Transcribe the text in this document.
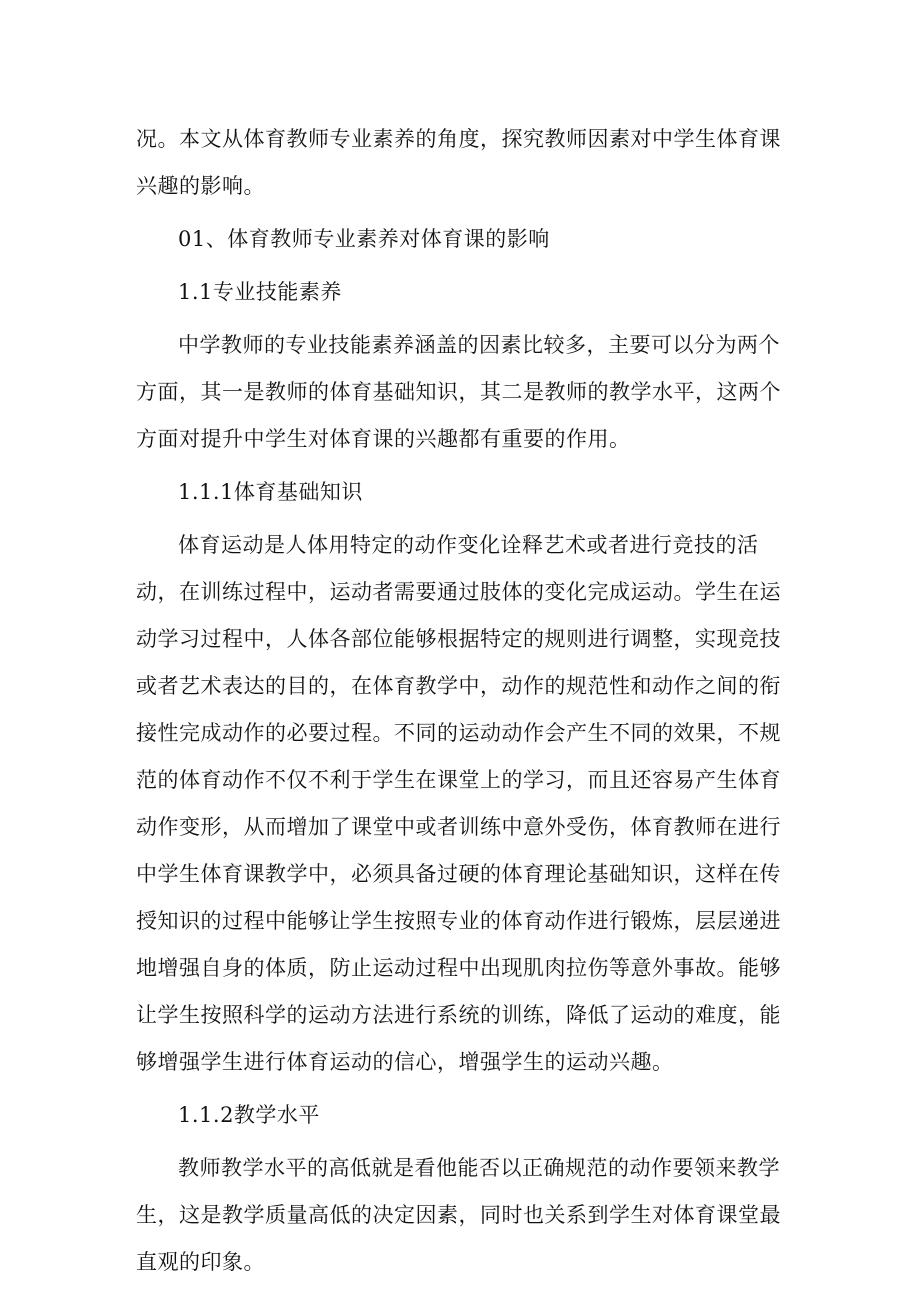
况。本文从体育教师专业素养的角度，探究教师因素对中学生体育课兴趣的影响。

01、体育教师专业素养对体育课的影响

1.1专业技能素养

中学教师的专业技能素养涵盖的因素比较多，主要可以分为两个方面，其一是教师的体育基础知识，其二是教师的教学水平，这两个方面对提升中学生对体育课的兴趣都有重要的作用。

1.1.1体育基础知识

体育运动是人体用特定的动作变化诠释艺术或者进行竞技的活动，在训练过程中，运动者需要通过肢体的变化完成运动。学生在运动学习过程中，人体各部位能够根据特定的规则进行调整，实现竞技或者艺术表达的目的，在体育教学中，动作的规范性和动作之间的衔接性完成动作的必要过程。不同的运动动作会产生不同的效果，不规范的体育动作不仅不利于学生在课堂上的学习，而且还容易产生体育动作变形，从而增加了课堂中或者训练中意外受伤，体育教师在进行中学生体育课教学中，必须具备过硬的体育理论基础知识，这样在传授知识的过程中能够让学生按照专业的体育动作进行锻炼，层层递进地增强自身的体质，防止运动过程中出现肌肉拉伤等意外事故。能够让学生按照科学的运动方法进行系统的训练，降低了运动的难度，能够增强学生进行体育运动的信心，增强学生的运动兴趣。

1.1.2教学水平

教师教学水平的高低就是看他能否以正确规范的动作要领来教学生，这是教学质量高低的决定因素，同时也关系到学生对体育课堂最直观的印象。
